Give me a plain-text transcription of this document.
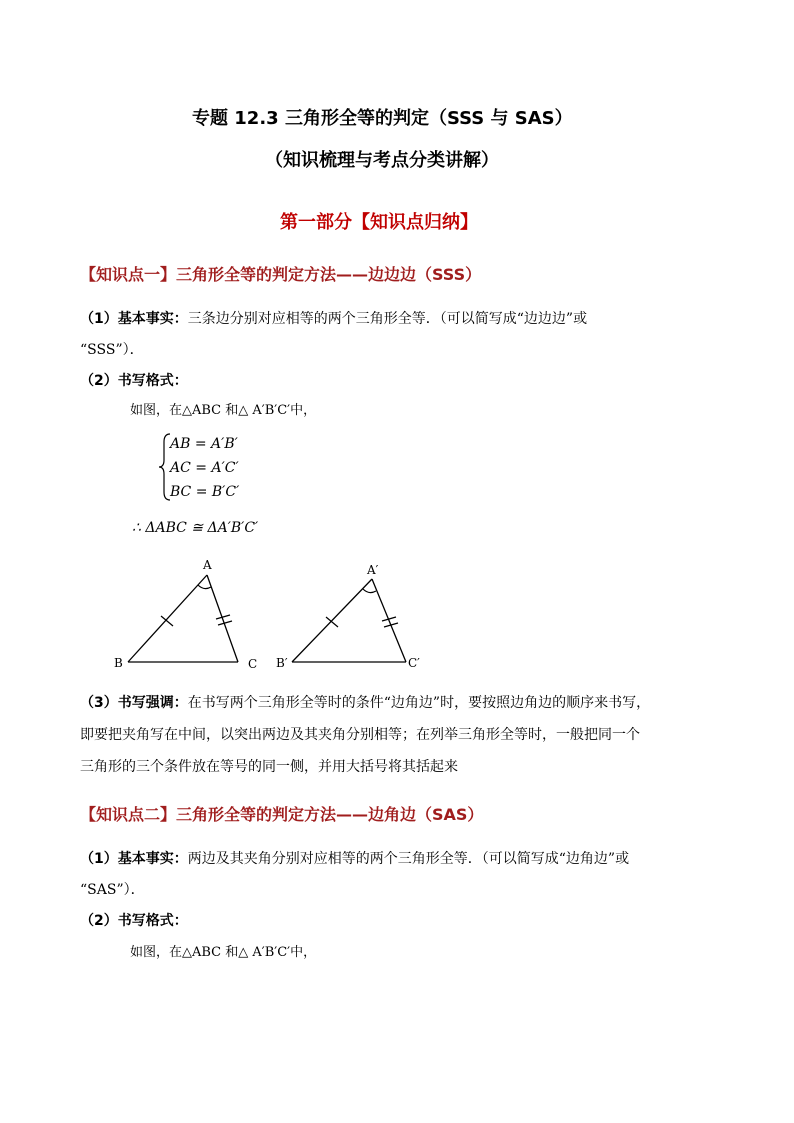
专题 12.3 三角形全等的判定（SSS 与 SAS）
（知识梳理与考点分类讲解）
第一部分【知识点归纳】
【知识点一】三角形全等的判定方法——边边边（SSS）
（1）基本事实：三条边分别对应相等的两个三角形全等．（可以简写成“边边边”或
“SSS”）．
（2）书写格式：
如图，在△ABC 和△ A′B′C′中，
AB = A′B′
AC = A′C′
BC = B′C′
∴ ΔABC ≅ ΔA′B′C′
A
B	C
A′
B′	C′
（3）书写强调：在书写两个三角形全等时的条件“边角边”时，要按照边角边的顺序来书写，
即要把夹角写在中间，以突出两边及其夹角分别相等；在列举三角形全等时，一般把同一个
三角形的三个条件放在等号的同一侧，并用大括号将其括起来
【知识点二】三角形全等的判定方法——边角边（SAS）
（1）基本事实：两边及其夹角分别对应相等的两个三角形全等．（可以简写成“边角边”或
“SAS”）．
（2）书写格式：
如图，在△ABC 和△ A′B′C′中，
